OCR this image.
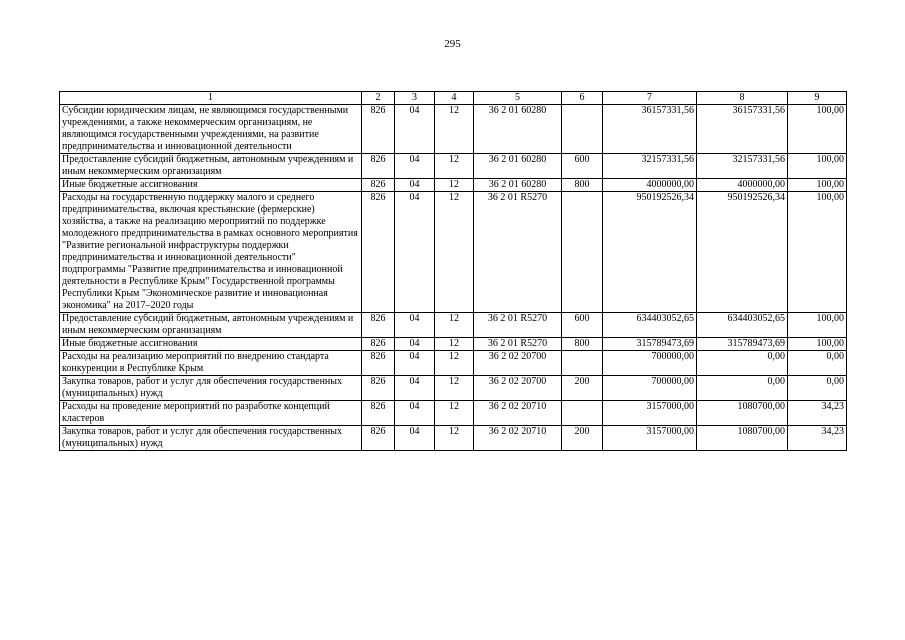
295
1	2	3	4	5	6	7	8	9
Субсидии юридическим лицам, не являющимся государственными учреждениями, а также некоммерческим организациям, не являющимся государственными учреждениями, на развитие предпринимательства и инновационной деятельности	826	04	12	36 2 01 60280		36157331,56	36157331,56	100,00
Предоставление субсидий бюджетным, автономным учреждениям и иным некоммерческим организациям	826	04	12	36 2 01 60280	600	32157331,56	32157331,56	100,00
Иные бюджетные ассигнования	826	04	12	36 2 01 60280	800	4000000,00	4000000,00	100,00
Расходы на государственную поддержку малого и среднего предпринимательства, включая крестьянские (фермерские) хозяйства, а также на реализацию мероприятий по поддержке молодежного предпринимательства в рамках основного мероприятия "Развитие региональной инфраструктуры поддержки предпринимательства и инновационной деятельности" подпрограммы "Развитие предпринимательства и инновационной деятельности в Республике Крым" Государственной программы Республики Крым "Экономическое развитие и инновационная экономика" на 2017–2020 годы	826	04	12	36 2 01 R5270		950192526,34	950192526,34	100,00
Предоставление субсидий бюджетным, автономным учреждениям и иным некоммерческим организациям	826	04	12	36 2 01 R5270	600	634403052,65	634403052,65	100,00
Иные бюджетные ассигнования	826	04	12	36 2 01 R5270	800	315789473,69	315789473,69	100,00
Расходы на реализацию мероприятий по внедрению стандарта конкуренции в Республике Крым	826	04	12	36 2 02 20700		700000,00	0,00	0,00
Закупка товаров, работ и услуг для обеспечения государственных (муниципальных) нужд	826	04	12	36 2 02 20700	200	700000,00	0,00	0,00
Расходы на проведение мероприятий по разработке концепций кластеров	826	04	12	36 2 02 20710		3157000,00	1080700,00	34,23
Закупка товаров, работ и услуг для обеспечения государственных (муниципальных) нужд	826	04	12	36 2 02 20710	200	3157000,00	1080700,00	34,23
